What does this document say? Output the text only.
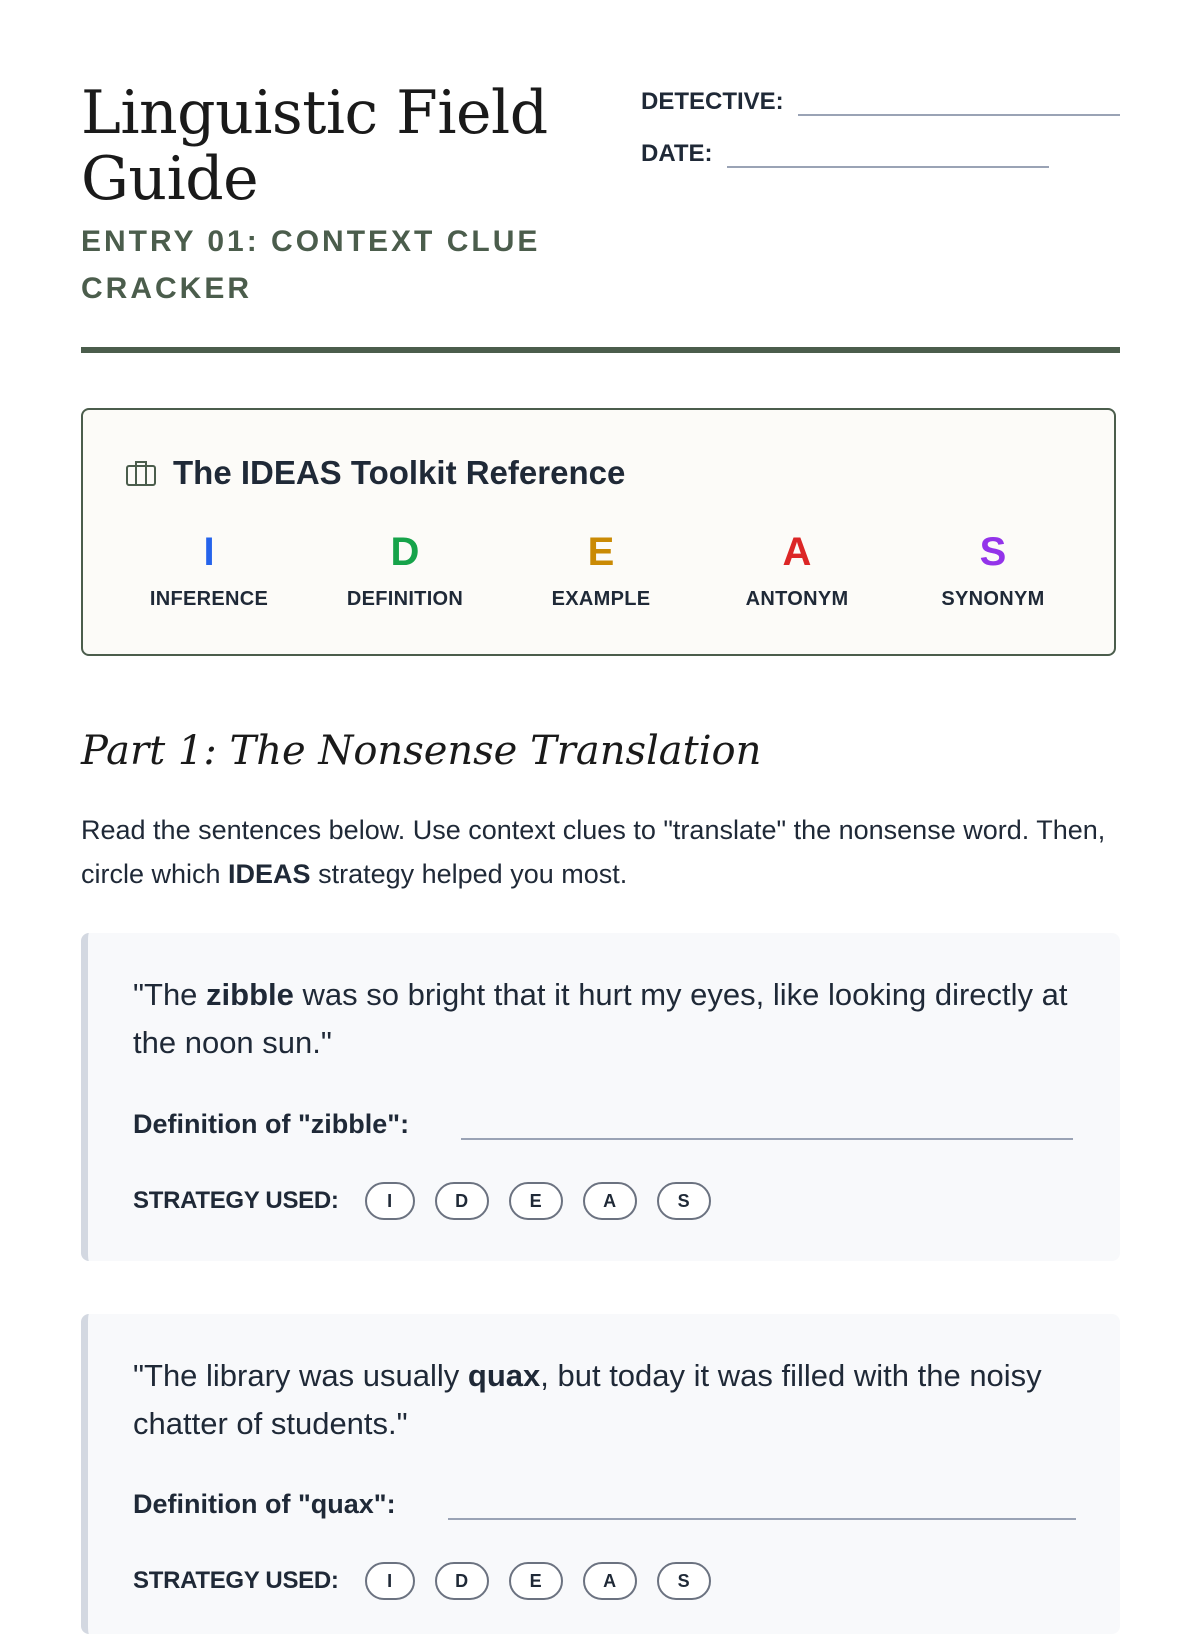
Linguistic Field Guide
ENTRY 01: CONTEXT CLUE CRACKER
DETECTIVE:
DATE:
The IDEAS Toolkit Reference
I
INFERENCE
D
DEFINITION
E
EXAMPLE
A
ANTONYM
S
SYNONYM
Part 1: The Nonsense Translation

Read the sentences below. Use context clues to "translate" the nonsense word. Then, circle which IDEAS strategy helped you most.

"The zibble was so bright that it hurt my eyes, like looking directly at the noon sun."

Definition of "zibble":
STRATEGY USED:	I	D	E	A	S

"The library was usually quax, but today it was filled with the noisy chatter of students."

Definition of "quax":
STRATEGY USED:	I	D	E	A	S
